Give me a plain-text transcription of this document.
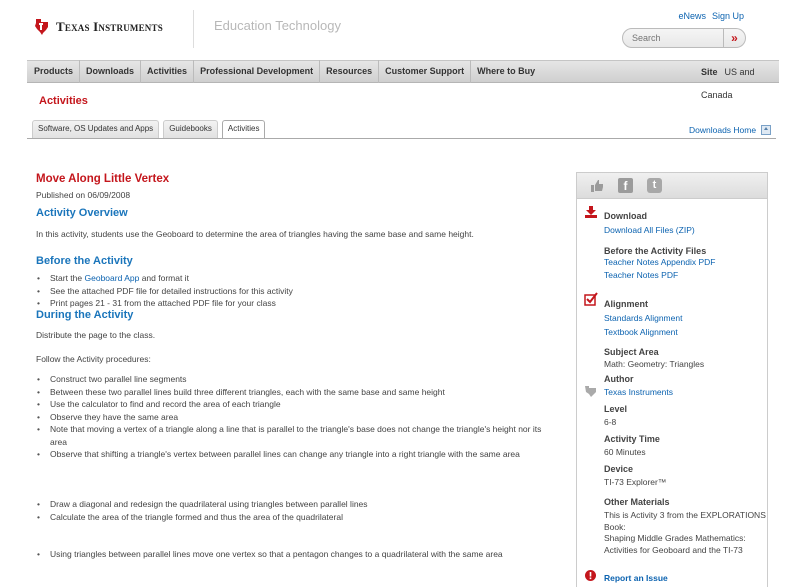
Texas Instruments	Education Technology
eNews Sign Up
Search
»
Products	Downloads	Activities	Professional Development	Resources	Customer Support	Where to Buy	Site US and Canada
Activities
Software, OS Updates and Apps	Guidebooks	Activities	Downloads Home
Move Along Little Vertex
Published on 06/09/2008
Activity Overview
In this activity, students use the Geoboard to determine the area of triangles having the same base and same height.
Before the Activity
• Start the Geoboard App and format it
• See the attached PDF file for detailed instructions for this activity
• Print pages 21 - 31 from the attached PDF file for your class
During the Activity
Distribute the page to the class.
Follow the Activity procedures:
• Construct two parallel line segments
• Between these two parallel lines build three different triangles, each with the same base and same height
• Use the calculator to find and record the area of each triangle
• Observe they have the same area
• Note that moving a vertex of a triangle along a line that is parallel to the triangle's base does not change the triangle's height nor its area
• Observe that shifting a triangle's vertex between parallel lines can change any triangle into a right triangle with the same area
• Draw a diagonal and redesign the quadrilateral using triangles between parallel lines
• Calculate the area of the triangle formed and thus the area of the quadrilateral
• Using triangles between parallel lines move one vertex so that a pentagon changes to a quadrilateral with the same area
f	t
Download
Download All Files (ZIP)
Before the Activity Files
Teacher Notes Appendix PDF
Teacher Notes PDF
Alignment
Standards Alignment
Textbook Alignment
Subject Area
Math: Geometry: Triangles
Author
Texas Instruments
Level
6-8
Activity Time
60 Minutes
Device
TI-73 Explorer™
Other Materials
This is Activity 3 from the EXPLORATIONS
Book:
Shaping Middle Grades Mathematics:
Activities for Geoboard and the TI-73
Report an Issue
